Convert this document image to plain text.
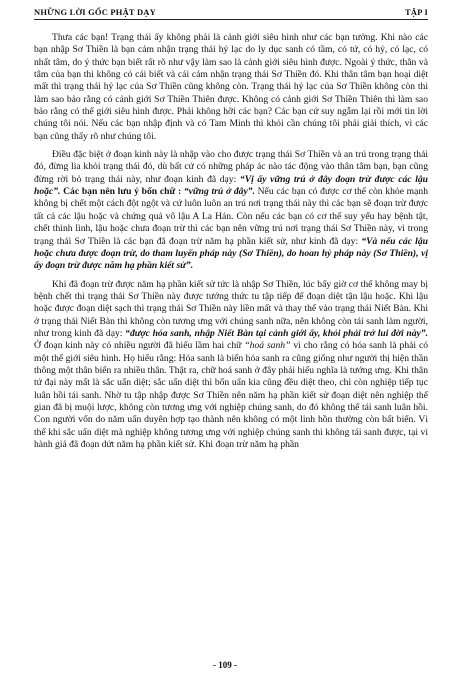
NHỮNG LỜI GỐC PHẬT DẠY	TẬP I

Thưa các bạn! Trạng thái ấy không phải là cảnh giới siêu hình như các bạn tưởng. Khi nào các bạn nhập Sơ Thiền là bạn cảm nhận trạng thái hỷ lạc do ly dục sanh có tầm, có tứ, có hỷ, có lạc, có nhất tâm, do ý thức bạn biết rất rõ như vậy làm sao là cảnh giới siêu hình được. Ngoài ý thức, thân và tâm của bạn thì không có cái biết và cái cảm nhận trạng thái Sơ Thiền đó. Khi thân tâm bạn hoại diệt mất thì trạng thái hỷ lạc của Sơ Thiền cũng không còn. Trạng thái hỷ lạc của Sơ Thiền không còn thì làm sao bảo rằng có cảnh giới Sơ Thiền Thiên được. Không có cảnh giới Sơ Thiền Thiên thì làm sao bảo rằng có thế giới siêu hình được. Phải không hỡi các bạn? Các bạn cứ suy ngẫm lại rồi mới tin lời chúng tôi nói. Nếu các bạn nhập định và có Tam Minh thì khỏi cần chúng tôi phải giải thích, vì các bạn cũng thấy rõ như chúng tôi.

Điều đặc biệt ở đoạn kinh này là nhập vào cho được trạng thái Sơ Thiền và an trú trong trạng thái đó, đừng lìa khỏi trạng thái đó, dù bất cứ có những pháp ác nào tác động vào thân tâm bạn, bạn cũng đừng rời bỏ trạng thái này, như đoạn kinh đã dạy: “Vị ấy vững trú ở đây đoạn trừ được các lậu hoặc”. Các bạn nên lưu ý bốn chữ : “vững trú ở đây”. Nếu các bạn có được cơ thể còn khỏe mạnh không bị chết một cách đột ngột và cứ luôn luôn an trú nơi trạng thái này thì các bạn sẽ đoạn trừ được tất cả các lậu hoặc và chứng quả vô lậu A La Hán. Còn nếu các bạn có cơ thể suy yếu hay bệnh tật, chết thình lình, lậu hoặc chưa đoạn trừ thì các bạn nên vững trú nơi trạng thái Sơ Thiền này, vì trong trạng thái Sơ Thiền là các bạn đã đoạn trừ năm hạ phần kiết sử, như kinh đã dạy: “Và nếu các lậu hoặc chưa được đoạn trừ, do tham luyến pháp này (Sơ Thiền), do hoan hỷ pháp này (Sơ Thiền), vị ấy đoạn trừ được năm hạ phần kiết sử”.

Khi đã đoạn trừ được năm hạ phần kiết sử tức là nhập Sơ Thiền, lúc bấy giờ cơ thể không may bị bệnh chết thì trạng thái Sơ Thiền này được tướng thức tu tập tiếp để đoạn diệt tận lậu hoặc. Khi lậu hoặc được đoạn diệt sạch thì trạng thái Sơ Thiền này liền mất và thay thế vào trạng thái Niết Bàn. Khi ở trạng thái Niết Bàn thì không còn tương ưng với chúng sanh nữa, nên không còn tái sanh làm người, như trong kinh đã dạy: “được hóa sanh, nhập Niết Bàn tại cảnh giới ấy, khỏi phải trở lui đời này”. Ở đoạn kinh này có nhiều người đã hiểu lầm hai chữ “hoá sanh” vì cho rằng có hóa sanh là phải có một thế giới siêu hình. Họ hiểu rằng: Hóa sanh là biến hóa sanh ra cũng giống như người thị hiện thần thông một thân biến ra nhiều thân. Thật ra, chữ hoá sanh ở đây phải hiểu nghĩa là tướng ưng. Khi thân tứ đại này mất là sắc uẩn diệt; sắc uẩn diệt thì bốn uẩn kia cũng đều diệt theo, chỉ còn nghiệp tiếp tục luân hồi tái sanh. Nhờ tu tập nhập được Sơ Thiền nên năm hạ phần kiết sử đoạn diệt nên nghiệp thế gian đã bị muội lược, không còn tương ưng với nghiệp chúng sanh, do đó không thể tái sanh luân hồi. Con người vốn do năm uẩn duyên hợp tạo thành nên không có một linh hồn thường còn bất biến. Vì thế khi sắc uẩn diệt mà nghiệp không tương ưng với nghiệp chúng sanh thì không tái sanh được, tại vì hành giả đã đoạn dứt năm hạ phần kiết sử. Khi đoạn trừ năm hạ phần

- 109 -
